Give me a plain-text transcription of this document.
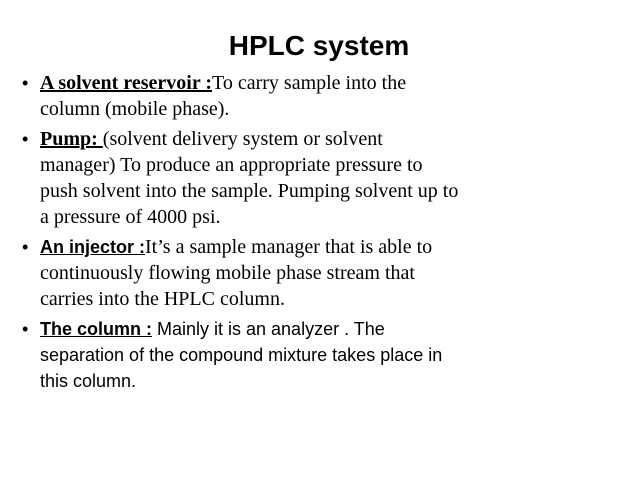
HPLC system
• A solvent reservoir :To carry sample into the
column (mobile phase).
• Pump: (solvent delivery system or solvent
manager) To produce an appropriate pressure to
push solvent into the sample. Pumping solvent up to
a pressure of 4000 psi.
• An injector :It’s a sample manager that is able to
continuously flowing mobile phase stream that
carries into the HPLC column.
• The column : Mainly it is an analyzer . The
separation of the compound mixture takes place in
this column.
